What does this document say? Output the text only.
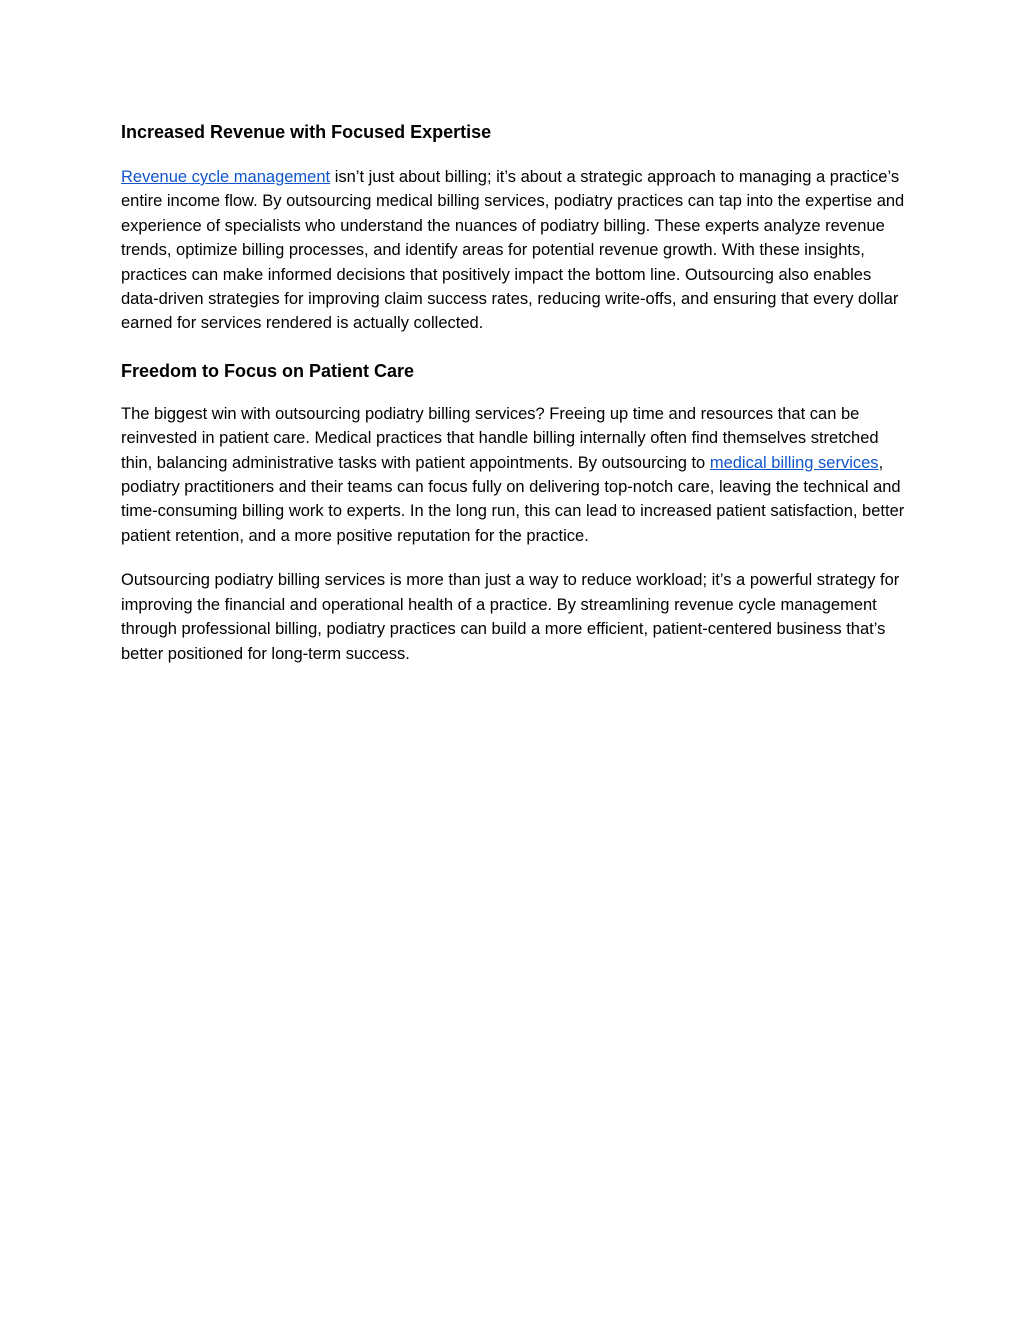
Increased Revenue with Focused Expertise

Revenue cycle management isn’t just about billing; it’s about a strategic approach to managing a practice’s entire income flow. By outsourcing medical billing services, podiatry practices can tap into the expertise and experience of specialists who understand the nuances of podiatry billing. These experts analyze revenue trends, optimize billing processes, and identify areas for potential revenue growth. With these insights, practices can make informed decisions that positively impact the bottom line. Outsourcing also enables data-driven strategies for improving claim success rates, reducing write-offs, and ensuring that every dollar earned for services rendered is actually collected.

Freedom to Focus on Patient Care

The biggest win with outsourcing podiatry billing services? Freeing up time and resources that can be reinvested in patient care. Medical practices that handle billing internally often find themselves stretched thin, balancing administrative tasks with patient appointments. By outsourcing to medical billing services, podiatry practitioners and their teams can focus fully on delivering top-notch care, leaving the technical and time-consuming billing work to experts. In the long run, this can lead to increased patient satisfaction, better patient retention, and a more positive reputation for the practice.

Outsourcing podiatry billing services is more than just a way to reduce workload; it’s a powerful strategy for improving the financial and operational health of a practice. By streamlining revenue cycle management through professional billing, podiatry practices can build a more efficient, patient-centered business that’s better positioned for long-term success.
